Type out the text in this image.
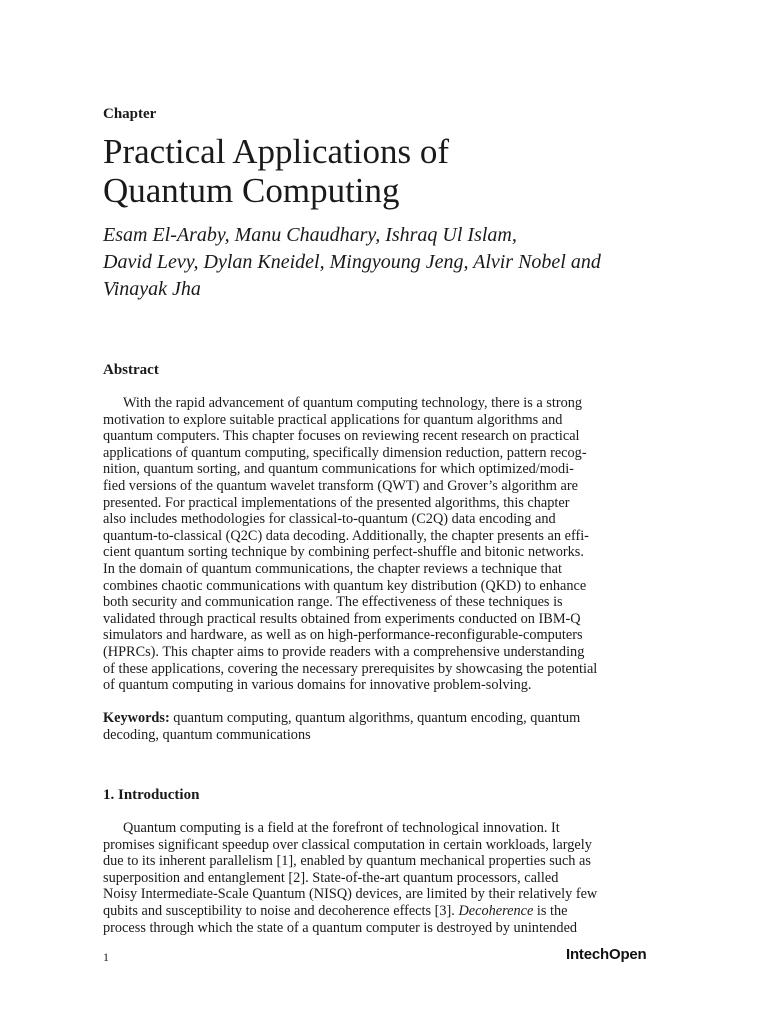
Chapter
Practical Applications of
Quantum Computing
Esam El-Araby, Manu Chaudhary, Ishraq Ul Islam,
David Levy, Dylan Kneidel, Mingyoung Jeng, Alvir Nobel and
Vinayak Jha
Abstract
With the rapid advancement of quantum computing technology, there is a strong
motivation to explore suitable practical applications for quantum algorithms and
quantum computers. This chapter focuses on reviewing recent research on practical
applications of quantum computing, specifically dimension reduction, pattern recog-
nition, quantum sorting, and quantum communications for which optimized/modi-
fied versions of the quantum wavelet transform (QWT) and Grover’s algorithm are
presented. For practical implementations of the presented algorithms, this chapter
also includes methodologies for classical-to-quantum (C2Q) data encoding and
quantum-to-classical (Q2C) data decoding. Additionally, the chapter presents an effi-
cient quantum sorting technique by combining perfect-shuffle and bitonic networks.
In the domain of quantum communications, the chapter reviews a technique that
combines chaotic communications with quantum key distribution (QKD) to enhance
both security and communication range. The effectiveness of these techniques is
validated through practical results obtained from experiments conducted on IBM-Q
simulators and hardware, as well as on high-performance-reconfigurable-computers
(HPRCs). This chapter aims to provide readers with a comprehensive understanding
of these applications, covering the necessary prerequisites by showcasing the potential
of quantum computing in various domains for innovative problem-solving.
Keywords: quantum computing, quantum algorithms, quantum encoding, quantum
decoding, quantum communications
1. Introduction
Quantum computing is a field at the forefront of technological innovation. It
promises significant speedup over classical computation in certain workloads, largely
due to its inherent parallelism [1], enabled by quantum mechanical properties such as
superposition and entanglement [2]. State-of-the-art quantum processors, called
Noisy Intermediate-Scale Quantum (NISQ) devices, are limited by their relatively few
qubits and susceptibility to noise and decoherence effects [3]. Decoherence is the
process through which the state of a quantum computer is destroyed by unintended
1	IntechOpen
